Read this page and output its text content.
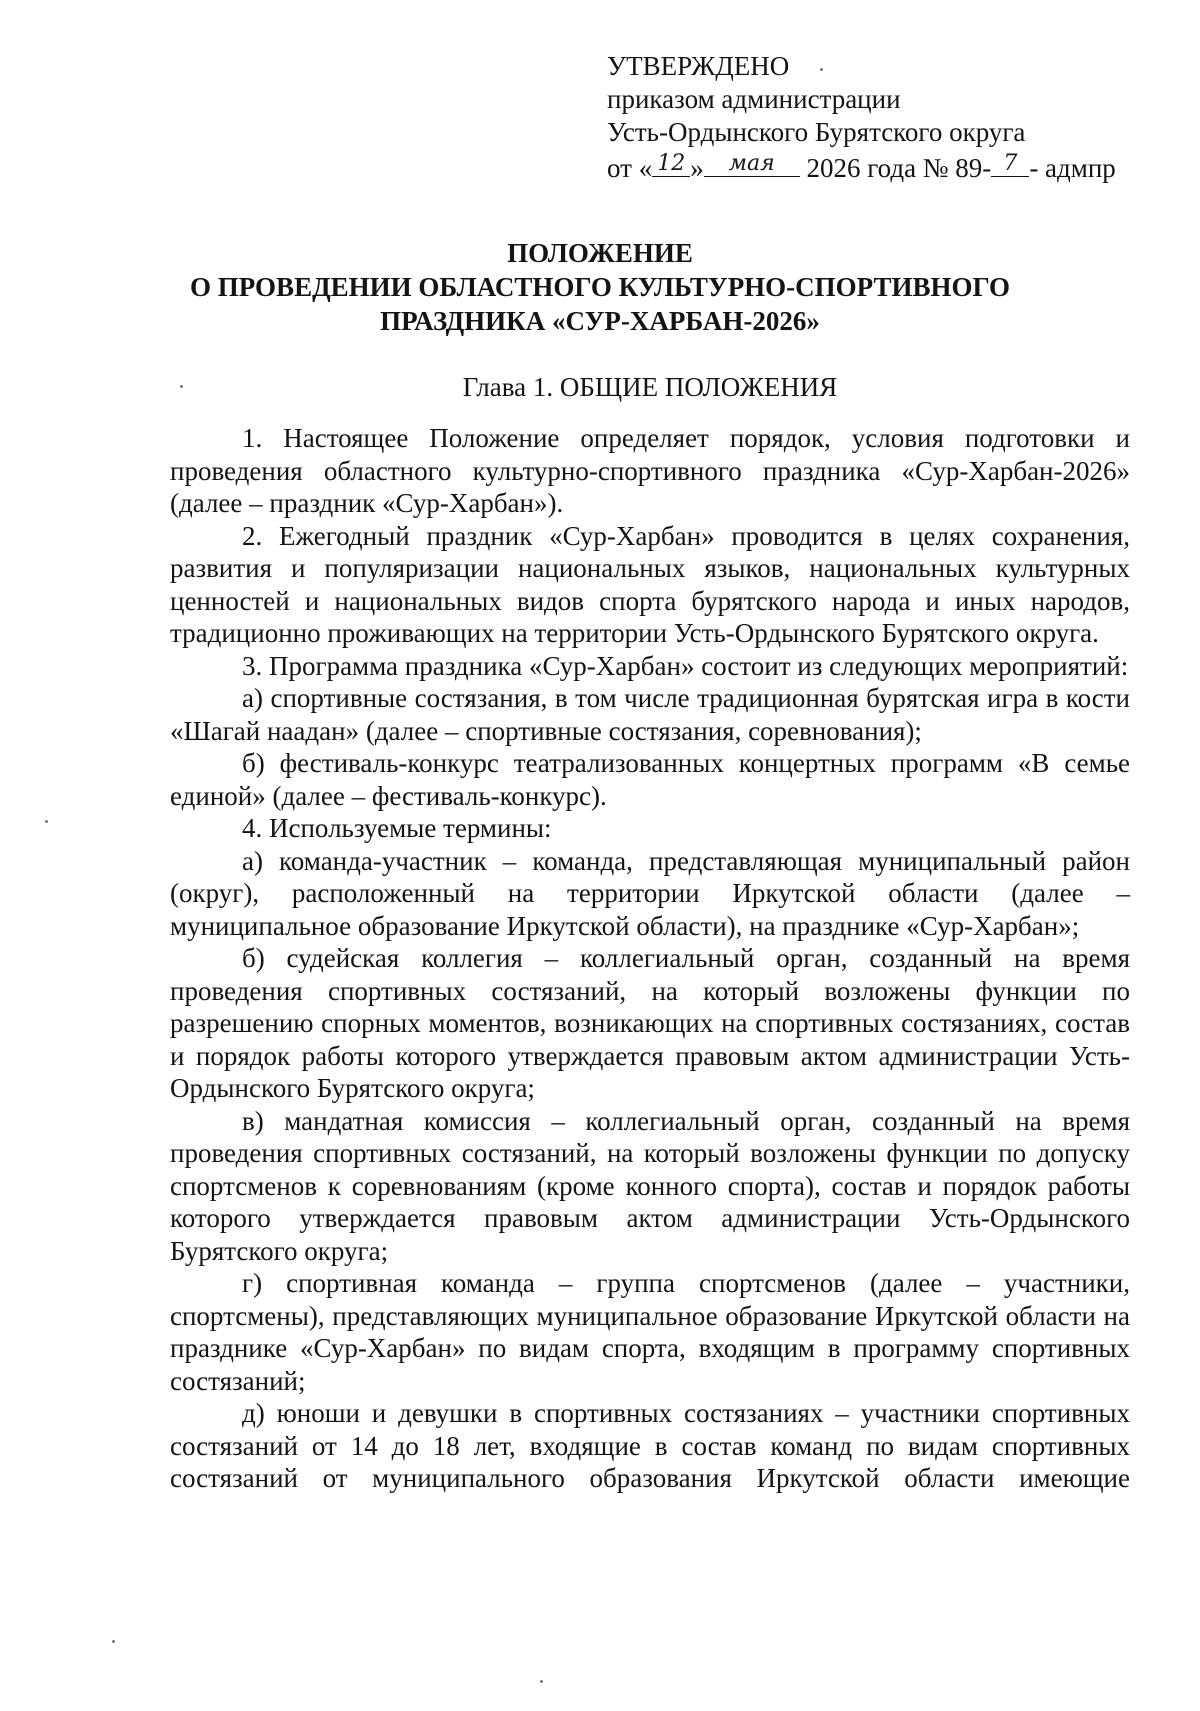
УТВЕРЖДЕНО
приказом администрации
Усть-Ордынского Бурятского округа
от « 12 »	мая 2026 года № 89- 7 - адмпр
ПОЛОЖЕНИЕ
О ПРОВЕДЕНИИ ОБЛАСТНОГО КУЛЬТУРНО-СПОРТИВНОГО
ПРАЗДНИКА «СУР-ХАРБАН-2026»
Глава 1. ОБЩИЕ ПОЛОЖЕНИЯ

1. Настоящее Положение определяет порядок, условия подготовки и проведения областного культурно-спортивного праздника «Сур-Харбан-2026» (далее – праздник «Сур-Харбан»).

2. Ежегодный праздник «Сур-Харбан» проводится в целях сохранения, развития и популяризации национальных языков, национальных культурных ценностей и национальных видов спорта бурятского народа и иных народов, традиционно проживающих на территории Усть-Ордынского Бурятского округа.

3. Программа праздника «Сур-Харбан» состоит из следующих мероприятий:

а) спортивные состязания, в том числе традиционная бурятская игра в кости «Шагай наадан» (далее – спортивные состязания, соревнования);

б) фестиваль-конкурс театрализованных концертных программ «В семье единой» (далее – фестиваль-конкурс).

4. Используемые термины:

а) команда-участник – команда, представляющая муниципальный район (округ), расположенный на территории Иркутской области (далее – муниципальное образование Иркутской области), на празднике «Сур-Харбан»;

б) судейская коллегия – коллегиальный орган, созданный на время проведения спортивных состязаний, на который возложены функции по разрешению спорных моментов, возникающих на спортивных состязаниях, состав и порядок работы которого утверждается правовым актом администрации Усть-Ордынского Бурятского округа;

в) мандатная комиссия – коллегиальный орган, созданный на время проведения спортивных состязаний, на который возложены функции по допуску спортсменов к соревнованиям (кроме конного спорта), состав и порядок работы которого утверждается правовым актом администрации Усть-Ордынского Бурятского округа;

г) спортивная команда – группа спортсменов (далее – участники, спортсмены), представляющих муниципальное образование Иркутской области на празднике «Сур-Харбан» по видам спорта, входящим в программу спортивных состязаний;

д) юноши и девушки в спортивных состязаниях – участники спортивных состязаний от 14 до 18 лет, входящие в состав команд по видам спортивных состязаний от муниципального образования Иркутской области имеющие
